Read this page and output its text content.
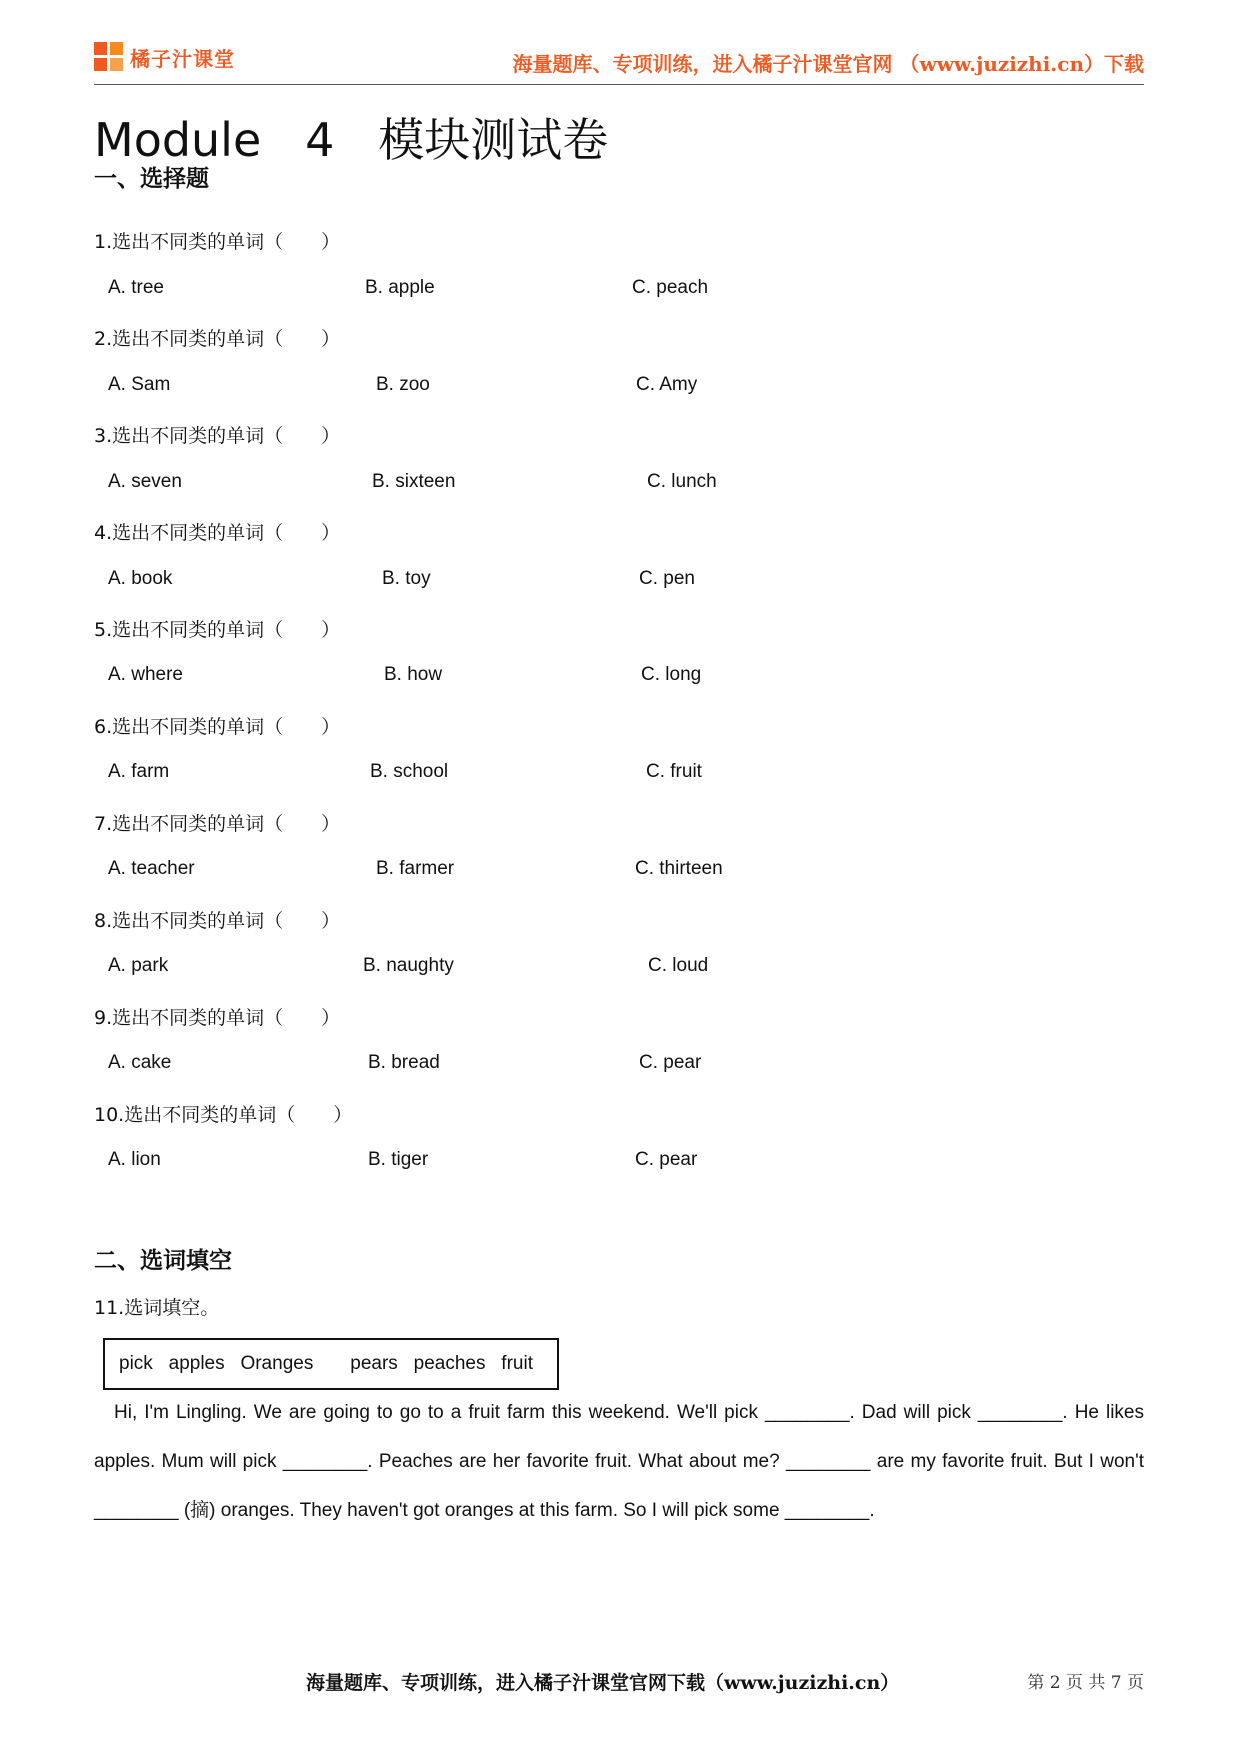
橘子汁课堂	海量题库、专项训练，进入橘子汁课堂官网 （www.juzizhi.cn）下载
Module   4   模块测试卷
一、选择题
1.选出不同类的单词（　　）
A. tree	B. apple	C. peach
2.选出不同类的单词（　　）
A. Sam	B. zoo	C. Amy
3.选出不同类的单词（　　）
A. seven	B. sixteen	C. lunch
4.选出不同类的单词（　　）
A. book	B. toy	C. pen
5.选出不同类的单词（　　）
A. where	B. how	C. long
6.选出不同类的单词（　　）
A. farm	B. school	C. fruit
7.选出不同类的单词（　　）
A. teacher	B. farmer	C. thirteen
8.选出不同类的单词（　　）
A. park	B. naughty	C. loud
9.选出不同类的单词（　　）
A. cake	B. bread	C. pear
10.选出不同类的单词（　　）
A. lion	B. tiger	C. pear
二、选词填空
11.选词填空。
pick   apples   Oranges       pears   peaches   fruit
Hi, I'm Lingling. We are going to go to a fruit farm this weekend. We'll pick ________. Dad will pick ________. He likes apples. Mum will pick ________. Peaches are her favorite fruit. What about me? ________ are my favorite fruit. But I won't ________ (摘) oranges. They haven't got oranges at this farm. So I will pick some ________.
海量题库、专项训练，进入橘子汁课堂官网下载（www.juzizhi.cn）	第 2 页 共 7 页
